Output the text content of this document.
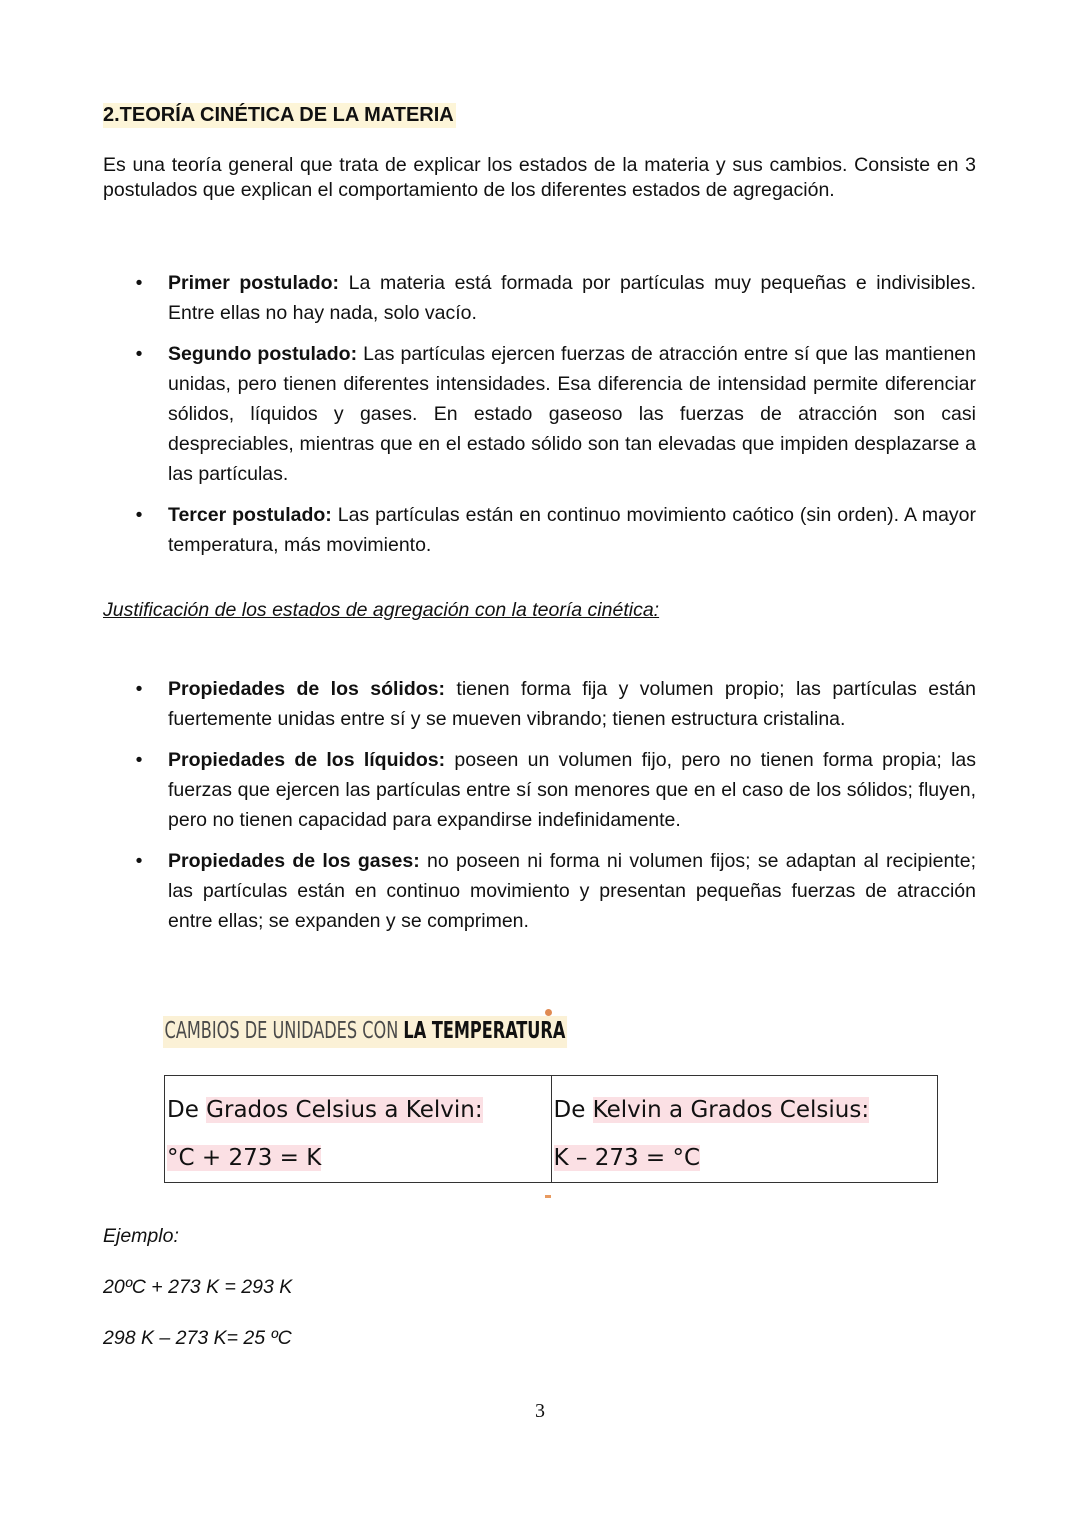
2.TEORÍA CINÉTICA DE LA MATERIA
Es una teoría general que trata de explicar los estados de la materia y sus cambios. Consiste en 3 postulados que explican el comportamiento de los diferentes estados de agregación.
• Primer postulado: La materia está formada por partículas muy pequeñas e indivisibles. Entre ellas no hay nada, solo vacío.
• Segundo postulado: Las partículas ejercen fuerzas de atracción entre sí que las mantienen unidas, pero tienen diferentes intensidades. Esa diferencia de intensidad permite diferenciar sólidos, líquidos y gases. En estado gaseoso las fuerzas de atracción son casi despreciables, mientras que en el estado sólido son tan elevadas que impiden desplazarse a las partículas.
• Tercer postulado: Las partículas están en continuo movimiento caótico (sin orden). A mayor temperatura, más movimiento.
Justificación de los estados de agregación con la teoría cinética:
• Propiedades de los sólidos: tienen forma fija y volumen propio; las partículas están fuertemente unidas entre sí y se mueven vibrando; tienen estructura cristalina.
• Propiedades de los líquidos: poseen un volumen fijo, pero no tienen forma propia; las fuerzas que ejercen las partículas entre sí son menores que en el caso de los sólidos; fluyen, pero no tienen capacidad para expandirse indefinidamente.
• Propiedades de los gases: no poseen ni forma ni volumen fijos; se adaptan al recipiente; las partículas están en continuo movimiento y presentan pequeñas fuerzas de atracción entre ellas; se expanden y se comprimen.
CAMBIOS DE UNIDADES CON LA TEMPERATURA
De Grados Celsius a Kelvin:
°C + 273 = K

De Kelvin a Grados Celsius:
K – 273 = °C
Ejemplo:
20ºC + 273 K = 293 K
298 K – 273 K= 25 ºC
3
